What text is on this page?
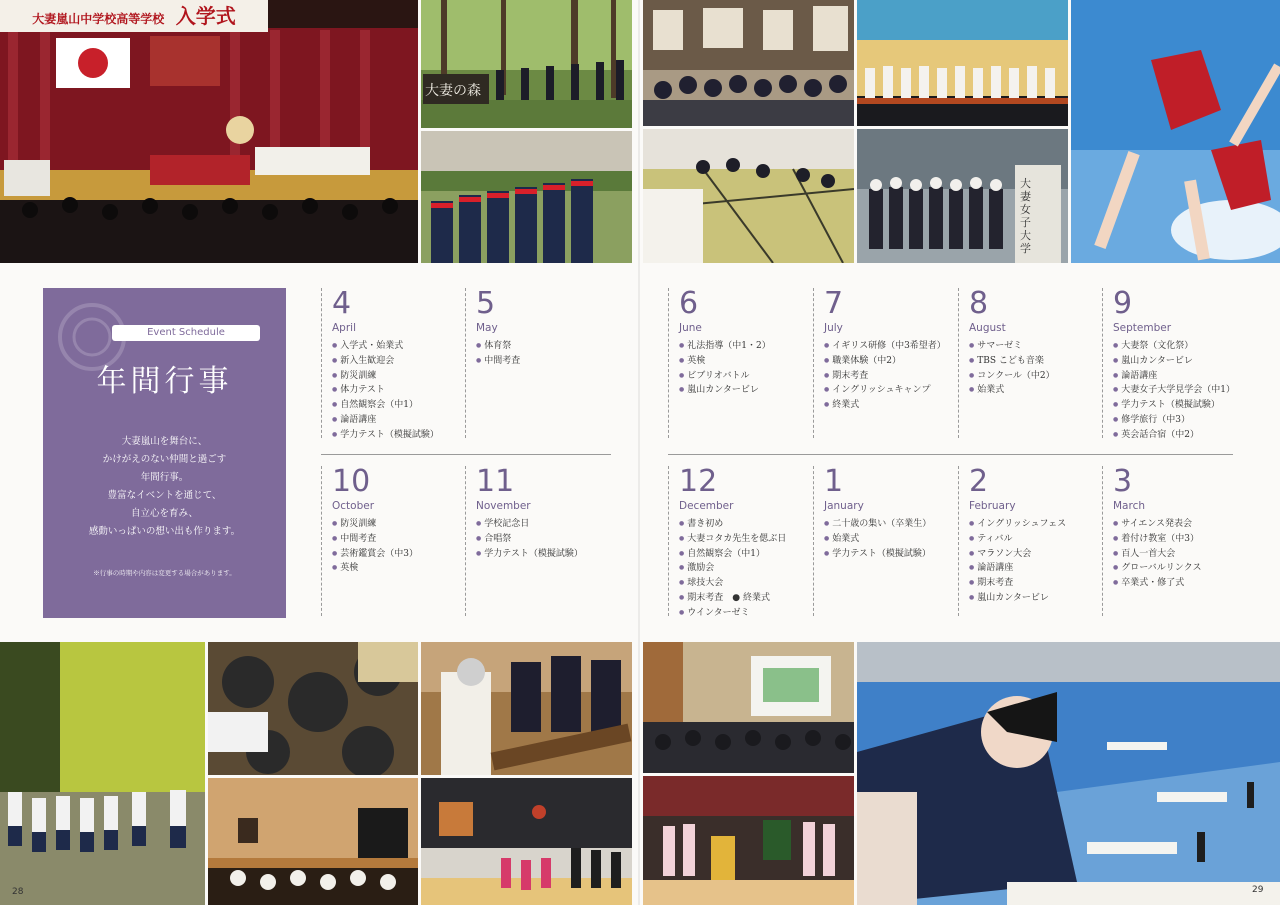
大妻嵐山中学校高等学校 入学式
大妻の森
大妻女子大学
Event Schedule
年間行事
大妻嵐山を舞台に、
かけがえのない仲間と過ごす
年間行事。
豊富なイベントを通じて、
自立心を育み、
感動いっぱいの想い出も作ります。
※行事の時期や内容は変更する場合があります。
4
April
● 入学式・始業式
● 新入生歓迎会
● 防災訓練
● 体力テスト
● 自然観察会（中1）
● 論語講座
● 学力テスト（模擬試験）
5
May
● 体育祭
● 中間考査
6
June
● 礼法指導（中1・2）
● 英検
● ビブリオバトル
● 嵐山カンタービレ
7
July
● イギリス研修（中3希望者）
● 職業体験（中2）
● 期末考査
● イングリッシュキャンプ
● 終業式
8
August
● サマーゼミ
● TBS こども音楽
● コンクール（中2）
● 始業式
9
September
● 大妻祭（文化祭）
● 嵐山カンタービレ
● 論語講座
● 大妻女子大学見学会（中1）
● 学力テスト（模擬試験）
● 修学旅行（中3）
● 英会話合宿（中2）
10
October
● 防災訓練
● 中間考査
● 芸術鑑賞会（中3）
● 英検
11
November
● 学校記念日
● 合唱祭
● 学力テスト（模擬試験）
12
December
● 書き初め
● 大妻コタカ先生を偲ぶ日
● 自然観察会（中1）
● 激励会
● 球技大会
● 期末考査　● 終業式
● ウインターゼミ
1
January
● 二十歳の集い（卒業生）
● 始業式
● 学力テスト（模擬試験）
2
February
● イングリッシュフェス
● ティバル
● マラソン大会
● 論語講座
● 期末考査
● 嵐山カンタービレ
3
March
● サイエンス発表会
● 着付け教室（中3）
● 百人一首大会
● グローバルリンクス
● 卒業式・修了式
28	29
